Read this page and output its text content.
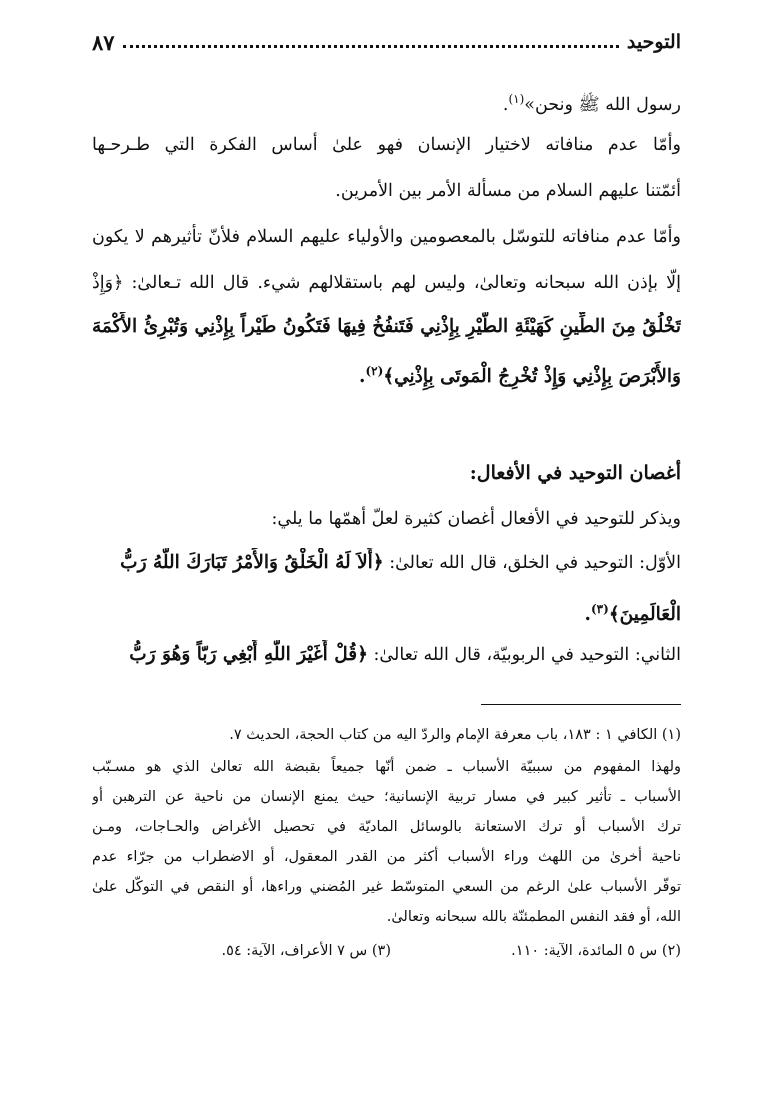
التوحيد
٨٧
رسول الله ﷺ ونحن»$^{(١)}$.
وأمّا عدم منافاته لاختيار الإنسان فهو علىٰ أساس الفكرة التي طـرحـها
أئمّتنا عليهم السلام من مسألة الأمر بين الأمرين.
وأمّا عدم منافاته للتوسّل بالمعصومين والأولياء عليهم السلام فلأنّ تأثيرهم لا يكون
إلّا بإذن الله سبحانه وتعالىٰ، وليس لهم باستقلالهم شيء. قال الله تـعالىٰ: ﴿وَإِذْ
تَخْلُقُ مِنَ الطِّينِ كَهَيْئَةِ الطَّيْرِ بِإِذْنِي فَتَنفُخُ فِيهَا فَتَكُونُ طَيْراً بِإِذْنِي وَتُبْرِئُ الأَكْمَهَ
وَالأَبْرَصَ بِإِذْنِي وَإِذْ تُخْرِجُ الْمَوتَى بِإِذْنِي﴾$^{(٢)}$.
أغصان التوحيد في الأفعال:
ويذكر للتوحيد في الأفعال أغصان كثيرة لعلّ أهمّها ما يلي:
الأوّل: التوحيد في الخلق، قال الله تعالىٰ: ﴿أَلاَ لَهُ الْخَلْقُ وَالأَمْرُ تَبَارَكَ اللَّهُ رَبُّ
الْعَالَمِينَ﴾$^{(٣)}$.
الثاني: التوحيد في الربوبيّة، قال الله تعالىٰ: ﴿قُلْ أَغَيْرَ اللَّهِ أَبْغِي رَبّاً وَهُوَ رَبُّ
(١) الكافي ١ : ١٨٣، باب معرفة الإمام والردّ اليه من كتاب الحجة، الحديث ٧.
ولهذا المفهوم من سببيّة الأسباب ـ ضمن أنّها جميعاً بقبضة الله تعالىٰ الذي هو مسـبّب
الأسباب ـ تأثير كبير في مسار تربية الإنسانية؛ حيث يمنع الإنسان من ناحية عن الترهبن أو
ترك الأسباب أو ترك الاستعانة بالوسائل الماديّة في تحصيل الأغراض والحـاجات، ومـن
ناحية أخرىٰ من اللهث وراء الأسباب أكثر من القدر المعقول، أو الاضطراب من جرّاء عدم
توفّر الأسباب علىٰ الرغم من السعي المتوسّط غير المُضني وراءها، أو النقص في التوكّل علىٰ
الله، أو فقد النفس المطمئنّة بالله سبحانه وتعالىٰ.
(٢) س ٥ المائدة، الآية: ١١٠.
(٣) س ٧ الأعراف، الآية: ٥٤.
